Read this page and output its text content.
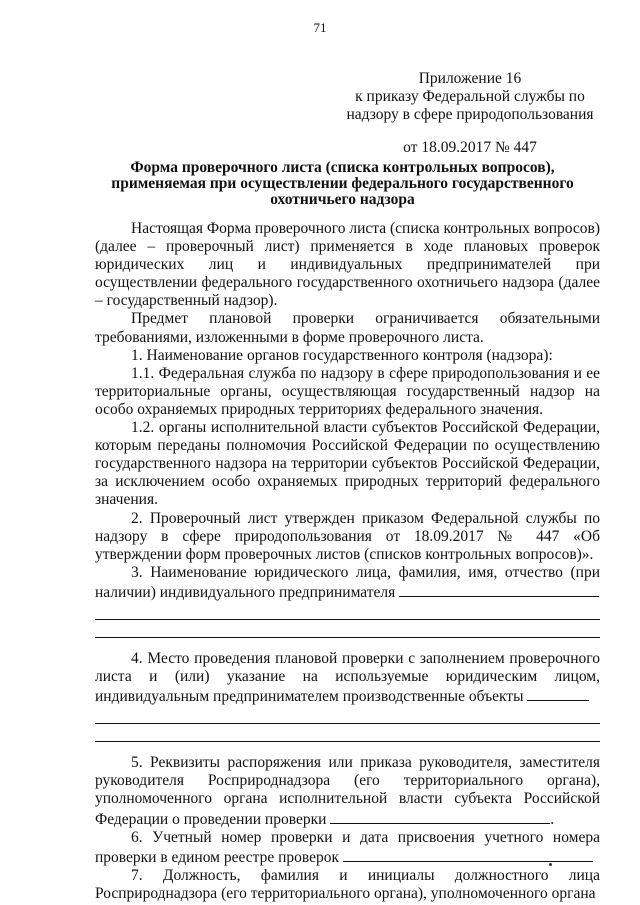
71
Приложение 16
к приказу Федеральной службы по
надзору в сфере природопользования
от 18.09.2017 № 447
Форма проверочного листа (списка контрольных вопросов),
применяемая при осуществлении федерального государственного
охотничьего надзора

Настоящая Форма проверочного листа (списка контрольных вопросов) (далее – проверочный лист) применяется в ходе плановых проверок юридических лиц и индивидуальных предпринимателей при осуществлении федерального государственного охотничьего надзора (далее – государственный надзор).

Предмет плановой проверки ограничивается обязательными требованиями, изложенными в форме проверочного листа.

1. Наименование органов государственного контроля (надзора):

1.1. Федеральная служба по надзору в сфере природопользования и ее территориальные органы, осуществляющая государственный надзор на особо охраняемых природных территориях федерального значения.

1.2. органы исполнительной власти субъектов Российской Федерации, которым переданы полномочия Российской Федерации по осуществлению государственного надзора на территории субъектов Российской Федерации, за исключением особо охраняемых природных территорий федерального значения.

2. Проверочный лист утвержден приказом Федеральной службы по надзору в сфере природопользования от 18.09.2017 № 447 «Об утверждении форм проверочных листов (списков контрольных вопросов)».

3. Наименование юридического лица, фамилия, имя, отчество (при наличии) индивидуального предпринимателя

4. Место проведения плановой проверки с заполнением проверочного листа и (или) указание на используемые юридическим лицом, индивидуальным предпринимателем производственные объекты

5. Реквизиты распоряжения или приказа руководителя, заместителя руководителя Росприроднадзора (его территориального органа), уполномоченного органа исполнительной власти субъекта Российской Федерации о проведении проверки	.

6. Учетный номер проверки и дата присвоения учетного номера проверки в едином реестре проверок

7. Должность, фамилия и инициалы должностного лица Росприроднадзора (его территориального органа), уполномоченного органа
